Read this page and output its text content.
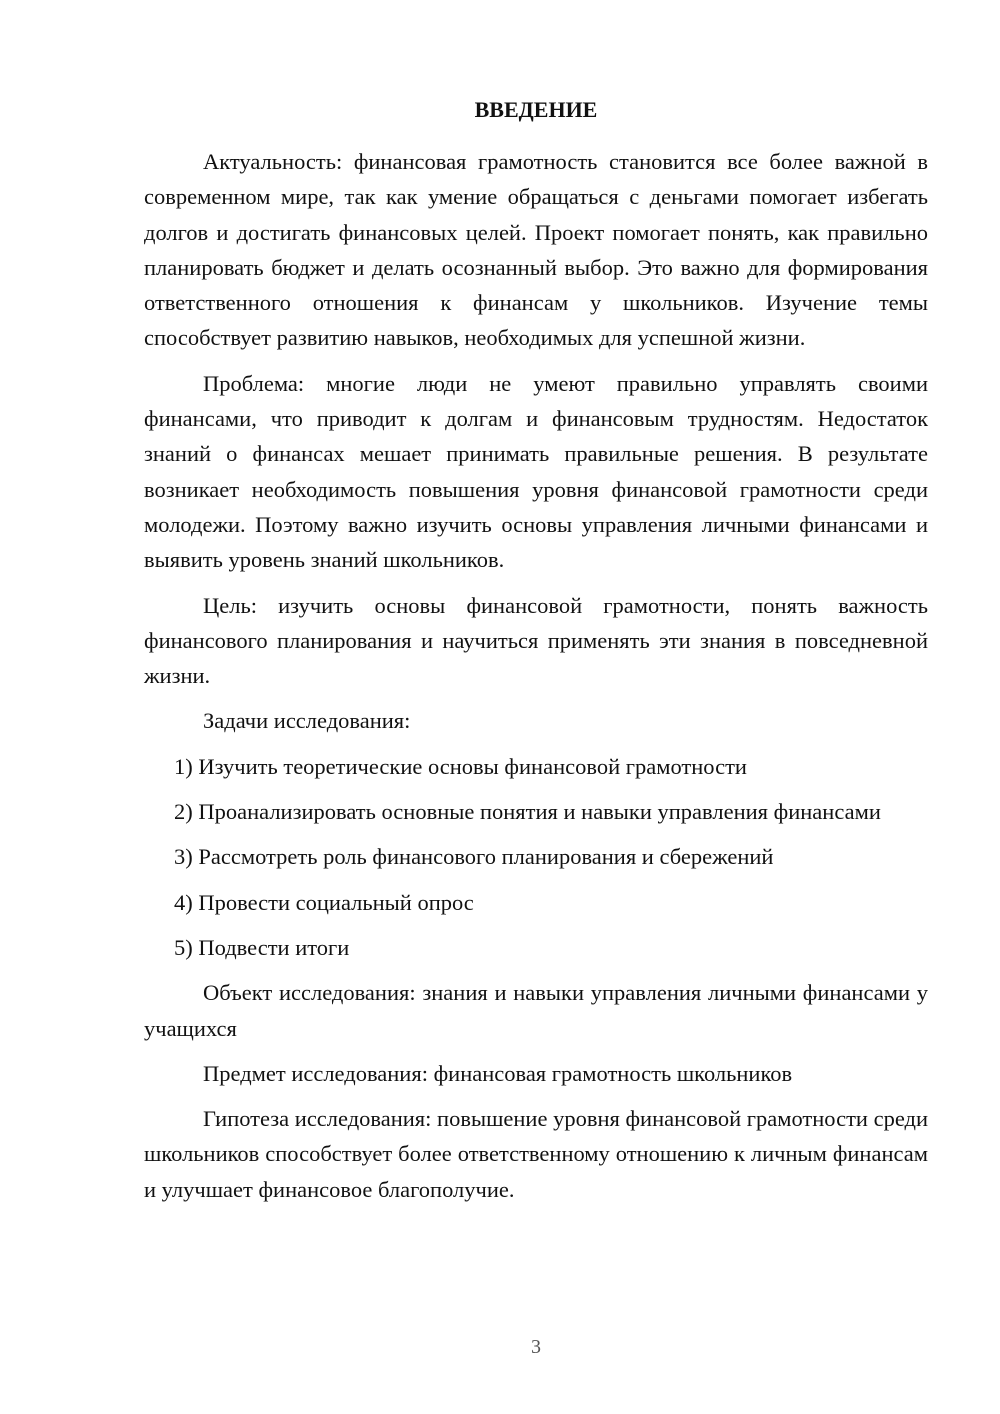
ВВЕДЕНИЕ

Актуальность: финансовая грамотность становится все более важной в современном мире, так как умение обращаться с деньгами помогает избегать долгов и достигать финансовых целей. Проект помогает понять, как правильно планировать бюджет и делать осознанный выбор. Это важно для формирования ответственного отношения к финансам у школьников. Изучение темы способствует развитию навыков, необходимых для успешной жизни.

Проблема: многие люди не умеют правильно управлять своими финансами, что приводит к долгам и финансовым трудностям. Недостаток знаний о финансах мешает принимать правильные решения. В результате возникает необходимость повышения уровня финансовой грамотности среди молодежи. Поэтому важно изучить основы управления личными финансами и выявить уровень знаний школьников.

Цель: изучить основы финансовой грамотности, понять важность финансового планирования и научиться применять эти знания в повседневной жизни.

Задачи исследования:

1) Изучить теоретические основы финансовой грамотности

2) Проанализировать основные понятия и навыки управления финансами

3) Рассмотреть роль финансового планирования и сбережений

4) Провести социальный опрос

5) Подвести итоги

Объект исследования: знания и навыки управления личными финансами у учащихся

Предмет исследования: финансовая грамотность школьников

Гипотеза исследования: повышение уровня финансовой грамотности среди школьников способствует более ответственному отношению к личным финансам и улучшает финансовое благополучие.

3
